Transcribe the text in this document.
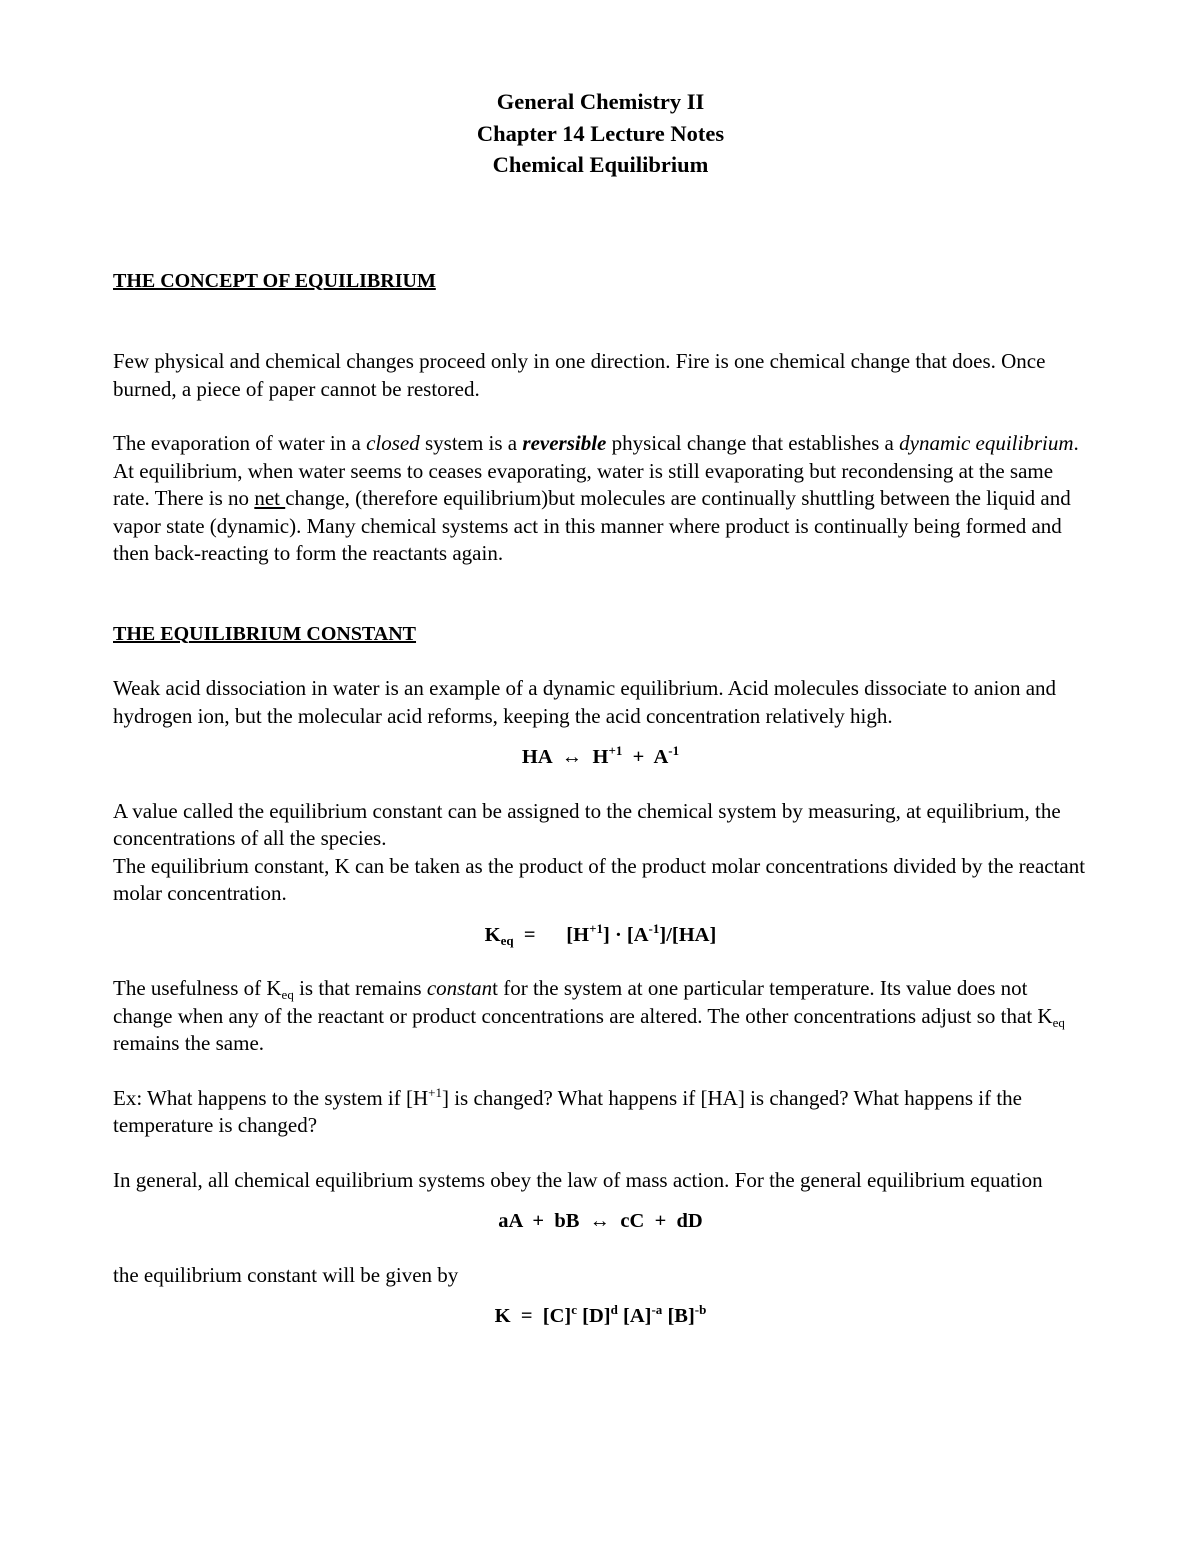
General Chemistry II
Chapter 14 Lecture Notes
Chemical Equilibrium
THE CONCEPT OF EQUILIBRIUM

Few physical and chemical changes proceed only in one direction. Fire is one chemical change that does. Once burned, a piece of paper cannot be restored.

The evaporation of water in a closed system is a reversible physical change that establishes a dynamic equilibrium. At equilibrium, when water seems to ceases evaporating, water is still evaporating but recondensing at the same rate. There is no net change, (therefore equilibrium)but molecules are continually shuttling between the liquid and vapor state (dynamic). Many chemical systems act in this manner where product is continually being formed and then back-reacting to form the reactants again.

THE EQUILIBRIUM CONSTANT

Weak acid dissociation in water is an example of a dynamic equilibrium. Acid molecules dissociate to anion and hydrogen ion, but the molecular acid reforms, keeping the acid concentration relatively high.

HA  ↔  $H^{+1} + A^{-1}$

A value called the equilibrium constant can be assigned to the chemical system by measuring, at equilibrium, the concentrations of all the species.

The equilibrium constant, K can be taken as the product of the product molar concentrations divided by the reactant molar concentration.

$K_{eq}$  =      $[H^{+1}] \cdot [A^{-1}]/[HA]$

The usefulness of $K_{eq}$ is that remains constant for the system at one particular temperature. Its value does not change when any of the reactant or product concentrations are altered. The other concentrations adjust so that $K_{eq}$ remains the same.

Ex: What happens to the system if $[H^{+1}]$ is changed? What happens if [HA] is changed? What happens if the temperature is changed?

In general, all chemical equilibrium systems obey the law of mass action. For the general equilibrium equation

aA  +  bB  ↔  cC  +  dD

the equilibrium constant will be given by

$K = [C]^c$ $[D]^d$ $[A]^{-a}$ $[B]^{-b}$
